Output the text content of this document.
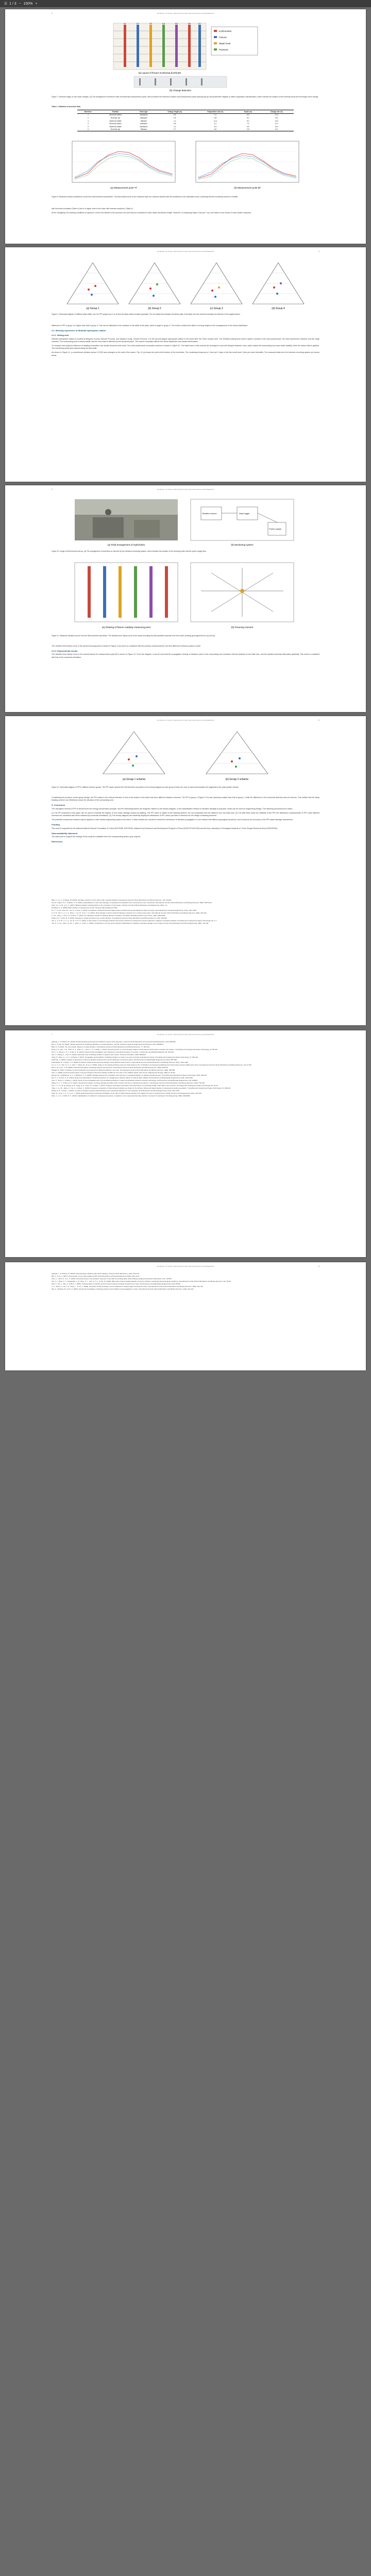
☰ 1 / 3 − 100% +
JOURNAL OF ROCK MECHANICS AND GEOTECHNICAL ENGINEERING
3
K1	K2	K3	K4	K5	K6	K7
Inclinometer
Fissure
Water level
Pressure
(a) Layout of fissure monitoring boreholes
(b) Change detection
Figure 7. Borehole image of rock mass changes. (a) The arrangement of borehole holes and detected measurement points, which includes the borehole's location and measurement points spacing and (b) Visual detection diagram of water evaporation characteristics, which includes the location of the borehole points and the length of the change.
Table 1. Statistics of borehole data.
Borehole	Position	Rock type	Change length (m)	Evaporation rate (%)	Depth (m)	Change rate (%)
1	Borehole bottom	Sandstone	0.6	7.2	5.3	11.3
2	Borehole top	Mudstone	0.5	5.8	5.1	9.8
3	Borehole middle	Siltstone	1.2	11.4	8.2	14.6
4	Borehole bottom	Mudstone	0.8	6.1	7.0	11.4
5	Borehole middle	Sandstone	1.0	9.3	6.5	15.4
6	Borehole top	Siltstone	0.7	6.6	5.8	12.1
(a) Measurement point 7#	(b) Measurement point 8#
Figure 8. Measured surface subsidence curves from field borehole experiments. The black dotted curve is the measured data, the coloured dashed lines are predictions of the calibrated model, confirming that the monitoring scheme is reliable.

with borehole inclination (Table 4) and it is higher than in the holes with relevant empirical. (Table 4).

At the Xiangtang, the working conditions of aperture 4 and 5 are similar to the previous one and they are consistent in their depth and fissure length. However, in comparing Figure 7(b) and 7 (a), the fracture zone shows a much clearer response.

JOURNAL OF ROCK MECHANICS AND GEOTECHNICAL ENGINEERING	4
(a) Group 1	(b) Group 2	(c) Group 3	(d) Group 4
Figure 9. Schematic diagram of different pillar widths. (a) The PPI ranges from 0 to 30 and the pillar width increases gradually. The red dotted line indicates the failure path of the pillar, the blue solid line indicates the direction of the applied stress.

difference in PPI in group 4 is higher than that in group 3. This can be attributed to the variation in the width of the pillar, which is larger in group 3. The further confirms the effect of mining height on the homogeneous of the stress distribution.

4.2. Working experience of Wulintai hydropower station
4.2.1. Mining area

Wulintai hydropower station is located at Mingxian County, Sichuan Province, and Qiaojia County, Yunnan Province. It is the second-largest hydropower station in the world after the Three Gorges Dam. The Wulintai underground cavern system consists of the main powerhouse, the main transformer chamber and the surge chamber. The surrounding rock is mainly basalt, and the rock mass is affected by the structural plane. The cavern excavation affects the stress distribution and causes deformation.

To compare and study the influence of blasting excavation, two similar schemes were used. The main powerhouse excavation scheme is shown in Figure 10. The blast holes in this scheme are arranged in rows and delayed between rows, which makes the surrounding rock have better stability, while the stress relief is gradual. The monitoring points were placed along the side walls.

As shown in Figure 11, a conventional vibration sensor CG100 was arranged on the wall of the cavern. Fig. 11 (a) shows the point at the bottom of the boreholes. The monitoring frequency is 1 time per 2 days in the first month and 1 time per week thereafter. The measured data from the borehole recording system are shown below.

JOURNAL OF ROCK MECHANICS AND GEOTECHNICAL ENGINEERING
5
(a) Field arrangement of Hydroholes
Vibration sensor	Data logger
Power supply
(b) Monitoring system
Figure 10. Image of field borehole set-up. (a) The arrangement of boreholes on site and (b) the vibration monitoring system, which includes the location of the recording units and the power supply lines.
(a) Drawing of fissure roadway measuring point	(b) Fissuring moment
Figure 11. Measured vibration curves from the field borehole experiment. The vibration time history curve is the actual recording and the predicted response from the model, showing good agreement in (a) and (b).

The vibration time history curve in the second fissuring point is shown in Figure 11 (b) and it is consistent with the previous measurements; the time difference between peaks is small.

4.2.2. Experimental results

The vibration time history curve in the second fissure for measurement point 8# is shown in Figure 12. From the diagram, it can be seen that the propagation velocity of vibration wave in the surrounding rock increases with the distance to the blast hole, and the vibration intensity attenuates gradually. This result is consistent with that of the numerical simulation.

JOURNAL OF ROCK MECHANICS AND GEOTECHNICAL ENGINEERING	6
(a) Group 1 scheme	(b) Group 2 scheme
Figure 12. Schematic diagram of PPI in different scheme groups. The PPI values derived from the field tests are plotted on the ternary diagram for each group of tests; the color of each point indicates the magnitude of the peak particle velocity.

Considering the previous control group design, the PPI values in the vertical direction of rock at the bottom of the blast hole were different between schemes. The PPI of group 2 (Figure 12 b) was obviously smaller than that of group 1, while the difference in the horizontal direction was not obvious. This verifies that the delay blasting scheme can effectively reduce the vibration of the surrounding rock.

5. Conclusion

The calculation formula of PPI is derived from the energy conservation principle, and the influencing factors are analysed. Based on the ternary diagram, a new classification method of vibration damage is proposed, which can be used for engineering design. The following conclusions are drawn:

(1) The PPI proposed in this paper can be used to evaluate the degree of rock mass damage caused by blasting. The PPI value is related to the blasting scheme, the rock properties and the distance from the blast hole. (2) The field tests verify the reliability of the PPI; the distribution characteristics of PPI under different schemes are consistent with those obtained by numerical simulations. (3) The ternary diagram can intuitively display the distribution of PPI, which provides a reference for the design of blasting schemes.

The potential conclusions reached may be applied in other similar engineering cases in the future. Further studies are needed to reveal the mechanism of vibration propagation in rock masses with different geological structures, and to improve the accuracy of the PPI-based damage assessment.

Funding

This work is supported by the National Natural Science Foundation of China (51979256, 52079076), National Key Research and Development Program of China (2018YFC0407000) and the Key Laboratory of Geological Hazards on Three Gorges Reservoir Area (2020KDZ06).

Data availability statement

The data used to support the findings of this study are available from the corresponding author upon request.

References
Bian, K., Liu, J., & Zhang, W. (2019). Damage evolution of rock mass under repeated blasting. International Journal of Rock Mechanics and Mining Sciences, 123, 104111.
Cai, M., Kaiser, P. K., & Martin, C. D. (2001). Quantification of rock mass damage in underground excavations from microseismic event monitoring. International Journal of Rock Mechanics and Mining Sciences, 38(8), 1135-1145.
Chen, M., Lu, W., & Yi, C. (2007). Blasting vibration characteristics in the excavation of rock slopes. Chinese Journal of Rock Mechanics and Engineering, 26(1), 1-8.
Dowding, C. H. (1985). Blast vibration monitoring and control. Prentice-Hall, Englewood Cliffs.
Hu, Y., Lu, W., Chen, M., Yan, P., & Yang, J. (2014). Comparison of blast-induced damage between presplit and smooth blasting of high rock slope. Rock Mechanics and Rock Engineering, 47(4), 1307-1320.
Li, H. B., Xia, X., Li, J. C., Zhao, J., Liu, B., & Liu, Y. Q. (2011). Rock damage control in bedrock blasting excavation for a nuclear power plant. International Journal of Rock Mechanics and Mining Sciences, 48(2), 210-218.
Lu, W., Yang, J., Chen, M., & Zhou, C. (2011). An equivalent method for blasting vibration simulation. Simulation Modelling Practice and Theory, 19(9), 2050-2062.
Singh, P. K., & Roy, M. P. (2010). Damage to surface structures due to blast vibration. International Journal of Rock Mechanics and Mining Sciences, 47(6), 949-961.
Xia, X., Li, H. B., Li, J. C., Liu, B., & Yu, C. (2013). A case study on rock damage prediction and control method for underground tunnels subjected to adjacent excavation blasting. Tunnelling and Underground Space Technology, 35, 1-7.
Yan, P., Lu, W., Chen, M., Hu, Y., Zhou, C., & Wu, X. (2015). Contributions of in-situ stress transient redistribution to blasting excavation damage zone of deep tunnels. Rock Mechanics and Rock Engineering, 48(2), 715-726.
JOURNAL OF ROCK MECHANICS AND GEOTECHNICAL ENGINEERING
7
Agarwal, J., & Sharma, M. (2019). Predicting blast-induced ground vibrations using a fuzzy approach. Journal of Rock Mechanics and Geotechnical Engineering, 11(4), 852-862.
Bai, Z., & Cao, W. (2018). Hazard assessment of blasting vibrations on buried pipelines. Journal of Pipeline Systems Engineering and Practice, 9(3), 04018011.
Blair, D. P. (2015). The free surface influence on blast vibration. International Journal of Rock Mechanics and Mining Sciences, 77, 182-191.
Deng, X. F., Zhu, J. B., Chen, S. G., Zhao, Z. Y., Zhou, Y. X., & Zhao, J. (2014). Numerical study on tunnel damage subject to blast-induced shock wave in jointed rock masses. Tunnelling and Underground Space Technology, 43, 88-100.
Fan, L. F., Wong, L. N. Y., & Ma, G. W. (2013). Experimental investigation and modeling of viscoelastic behavior of concrete. Construction and Building Materials, 48, 814-821.
Guo, J., Zhang, X., & Liu, H. (2020). Attenuation law of blasting vibration in layered rock masses. Shock and Vibration, 2020, 8842261.
Jiang, N., Zhou, C., Lu, S., & Zhang, Z. (2017). Propagation and prediction of blasting vibration on slope in an open pit during underground mining. Tunnelling and Underground Space Technology, 70, 409-421.
Kahriman, A. (2004). Analysis of parameters of ground vibration produced from bench blasting at a limestone quarry. Soil Dynamics and Earthquake Engineering, 24(11), 887-892.
Khandelwal, M., & Singh, T. N. (2009). Prediction of blast-induced ground vibration using artificial neural network. International Journal of Rock Mechanics and Mining Sciences, 46(7), 1214-1222.
Liu, K., Li, X., Hao, H., Li, X., Sha, Y., Wang, W., & Liu, X. (2019). Study on the raising technique using one blast based on the combination of long-hole presplitting and vertical crater retreat multiple-deck shots. International Journal of Rock Mechanics and Mining Sciences, 113, 41-58.
Ma, G. W., & An, X. M. (2008). Numerical simulation of blasting-induced rock fractures. International Journal of Rock Mechanics and Mining Sciences, 45(6), 966-975.
Nateghi, R. (2011). Prediction of ground vibration level induced by blasting at different rock units. International Journal of Rock Mechanics and Mining Sciences, 48(6), 899-908.
Ozer, U. (2008). Environmental impacts of ground vibration induced by blasting at different rock units on the Kadikoy-Kartal metro tunnel. Engineering Geology, 100(1-2), 82-90.
Ramulu, M., Chakraborty, A. K., & Sitharam, T. G. (2009). Damage assessment of basaltic rock mass due to repeated blasting in a railway tunnelling project. Tunnelling and Underground Space Technology, 24(2), 208-221.
Shi, X. Z., & Chen, S. R. (2011). Delay time optimization in blasting operations for mitigating the vibration-effects on final pit walls' stability. Soil Dynamics and Earthquake Engineering, 31(8), 1154-1158.
Tian, X., Song, Z., & Wang, J. (2019). Study on the propagation law of tunnel blasting vibration in stratum and blasting vibration reduction technology. Soil Dynamics and Earthquake Engineering, 126, 105813.
Wang, Z., Li, Y., & Shen, R. F. (2007). Numerical simulation of tensile damage and blast crater in brittle rock due to underground explosion. International Journal of Rock Mechanics and Mining Sciences, 44(5), 730-738.
Xie, L. X., Lu, W. B., Zhang, Q. B., Jiang, Q. H., Chen, M., & Zhao, J. (2017). Analysis of damage mechanisms and optimization of cut blasting design under high in-situ stresses. Tunnelling and Underground Space Technology, 66, 19-33.
Yang, J., Lu, W., Jiang, Q., Yao, C., & Zhou, C. (2016). Frequency comparison of blast-induced vibration per delay for the full-face millisecond delay blasting in underground opening excavation. Tunnelling and Underground Space Technology, 51, 189-201.
Zhang, Q. B., & Zhao, J. (2014). A review of dynamic experimental techniques and mechanical behaviour of rock materials. Rock Mechanics and Rock Engineering, 47(4), 1411-1478.
Zhao, H., Long, Y., Li, X., & Lu, L. (2016). Experimental and numerical investigation of the effect of blast-induced vibration from adjacent tunnel on existing tunnel. KSCE Journal of Civil Engineering, 20(1), 431-439.
Zhou, J., Li, X., & Mitri, H. S. (2016). Classification of rockburst in underground projects: comparison of ten supervised learning methods. Journal of Computing in Civil Engineering, 30(5), 04016003.
JOURNAL OF ROCK MECHANICS AND GEOTECHNICAL ENGINEERING	8
Agarwal, J., & Sharma, M. (2019). Rock damage evaluation with bench blasting. Journal of Rock Mechanics, 12(2), 301-310.
Bai, Z., & Liu, J. (2017). Assessment of rock mass quality via PPI. Rock Mechanics and Rock Engineering, 50(8), 2157-2170.
Chen, L., Zhou, Z., & Li, X. (2021). Numerical study on the dynamic response of rock with pre-existing flaws under blasting. Engineering Fracture Mechanics, 241, 107405.
Gui, Y. L., Zhao, Z. Y., Jayasinghe, L. B., Zhou, H. Y., Goh, A. T. C., & Tao, M. (2018). Blast wave induced spatial variation of ground vibration considering field geological conditions. International Journal of Rock Mechanics and Mining Sciences, 101, 63-68.
Hao, H., Wu, Y., Ma, G., & Zhou, Y. (2001). Characteristics of surface ground motions induced by blasts in jointed rock mass. Soil Dynamics and Earthquake Engineering, 21(2), 85-98.
Li, X., Zhou, Z., Lok, T. S., Hong, L., & Yin, T. (2008). Innovative testing technique of rock subjected to coupled static and dynamic loads. International Journal of Rock Mechanics and Mining Sciences, 45(5), 739-748.
Zhu, Z., Mohanty, B., & Xie, H. (2007). Numerical investigation of blasting-induced crack initiation and propagation in rocks. International Journal of Rock Mechanics and Mining Sciences, 44(3), 412-424.
